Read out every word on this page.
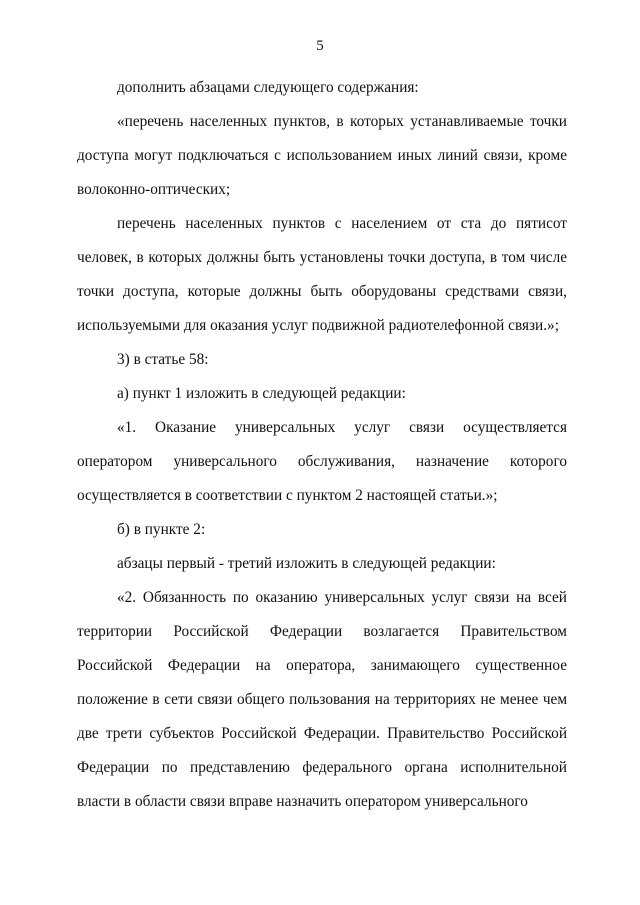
5

дополнить абзацами следующего содержания:

«перечень населенных пунктов, в которых устанавливаемые точки доступа могут подключаться с использованием иных линий связи, кроме волоконно-оптических;

перечень населенных пунктов с населением от ста до пятисот человек, в которых должны быть установлены точки доступа, в том числе точки доступа, которые должны быть оборудованы средствами связи, используемыми для оказания услуг подвижной радиотелефонной связи.»;

3) в статье 58:

а) пункт 1 изложить в следующей редакции:

«1. Оказание универсальных услуг связи осуществляется оператором универсального обслуживания, назначение которого осуществляется в соответствии с пунктом 2 настоящей статьи.»;

б) в пункте 2:

абзацы первый - третий изложить в следующей редакции:

«2. Обязанность по оказанию универсальных услуг связи на всей территории Российской Федерации возлагается Правительством Российской Федерации на оператора, занимающего существенное положение в сети связи общего пользования на территориях не менее чем две трети субъектов Российской Федерации. Правительство Российской Федерации по представлению федерального органа исполнительной власти в области связи вправе назначить оператором универсального
